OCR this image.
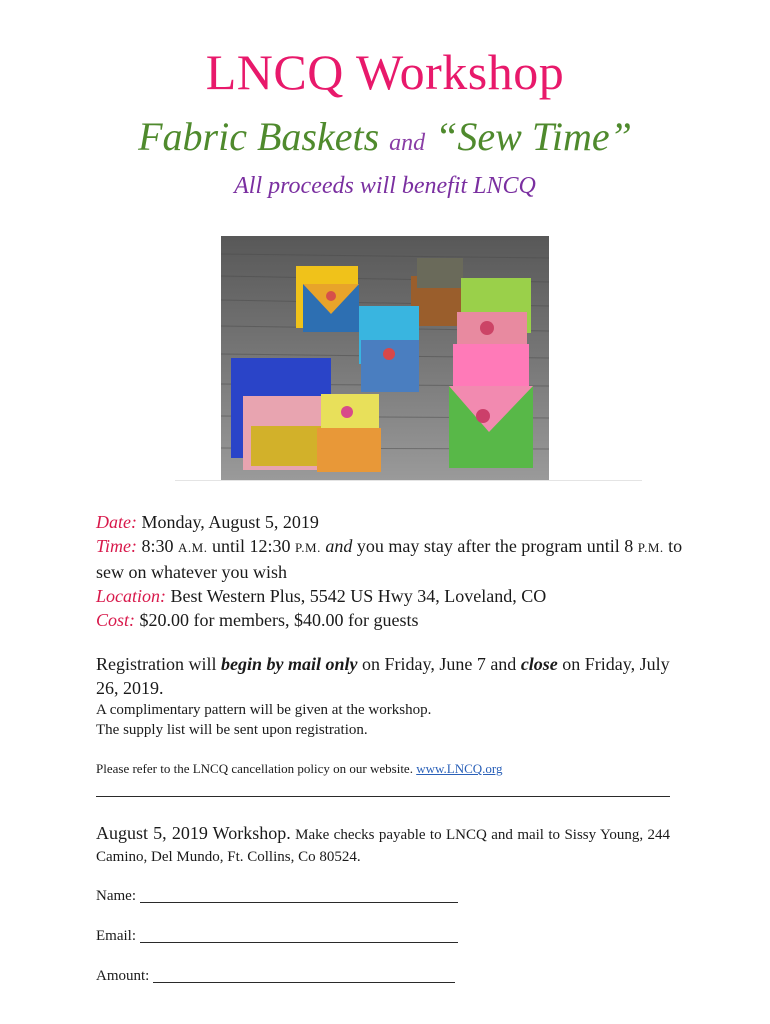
LNCQ Workshop
Fabric Baskets and “Sew Time”
All proceeds will benefit LNCQ
Date: Monday, August 5, 2019
Time: 8:30 A.M. until 12:30 P.M. and you may stay after the program until 8 P.M. to sew on whatever you wish
Location: Best Western Plus, 5542 US Hwy 34, Loveland, CO
Cost: $20.00 for members, $40.00 for guests
Registration will begin by mail only on Friday, June 7 and close on Friday, July 26, 2019.
A complimentary pattern will be given at the workshop.
The supply list will be sent upon registration.
Please refer to the LNCQ cancellation policy on our website. www.LNCQ.org
August 5, 2019 Workshop. Make checks payable to LNCQ and mail to Sissy Young, 244 Camino, Del Mundo, Ft. Collins, Co 80524.
Name:
Email:
Amount:
